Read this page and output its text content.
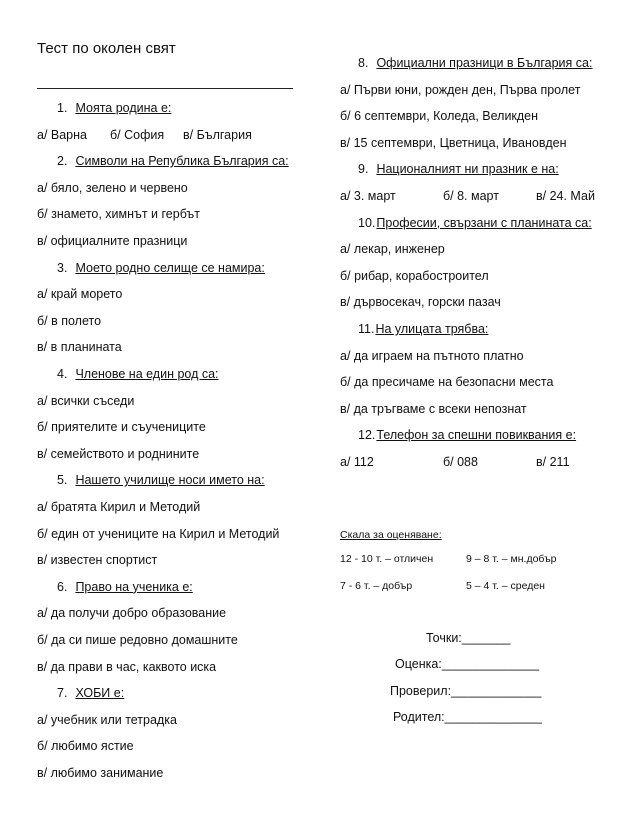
Тест по околен свят
1. Моята родина е:
а/ Варна б/ София в/ България
2. Символи на Република България са:
а/ бяло, зелено и червено
б/ знамето, химнът и гербът
в/ официалните празници
3. Моето родно селище се намира:
а/ край морето
б/ в полето
в/ в планината
4. Членове на един род са:
а/ всички съседи
б/ приятелите и съучениците
в/ семейството и роднините
5. Нашето училище носи името на:
а/ братята Кирил и Методий
б/ един от учениците на Кирил и Методий
в/ известен спортист
6. Право на ученика е:
а/ да получи добро образование
б/ да си пише редовно домашните
в/ да прави в час, каквото иска
7. ХОБИ е:
а/ учебник или тетрадка
б/ любимо ястие
в/ любимо занимание
8. Официални празници в България са:
а/ Първи юни, рожден ден, Първа пролет
б/ 6 септември, Коледа, Великден
в/ 15 септември, Цветница, Ивановден
9. Националният ни празник е на:
а/ 3. март	б/ 8. март	в/ 24. Май
10.Професии, свързани с планината са:
а/ лекар, инженер
б/ рибар, корабостроител
в/ дървосекач, горски пазач
11.На улицата трябва:
а/ да играем на пътното платно
б/ да пресичаме на безопасни места
в/ да тръгваме с всеки непознат
12.Телефон за спешни повиквания е:
а/ 112	б/ 088	в/ 211
Скала за оценяване:
12 - 10 т. – отличен	9 – 8 т. – мн.добър
7 - 6 т. – добър	5 – 4 т. – среден
Точки:_______
Оценка:______________
Проверил:_____________
Родител:______________
